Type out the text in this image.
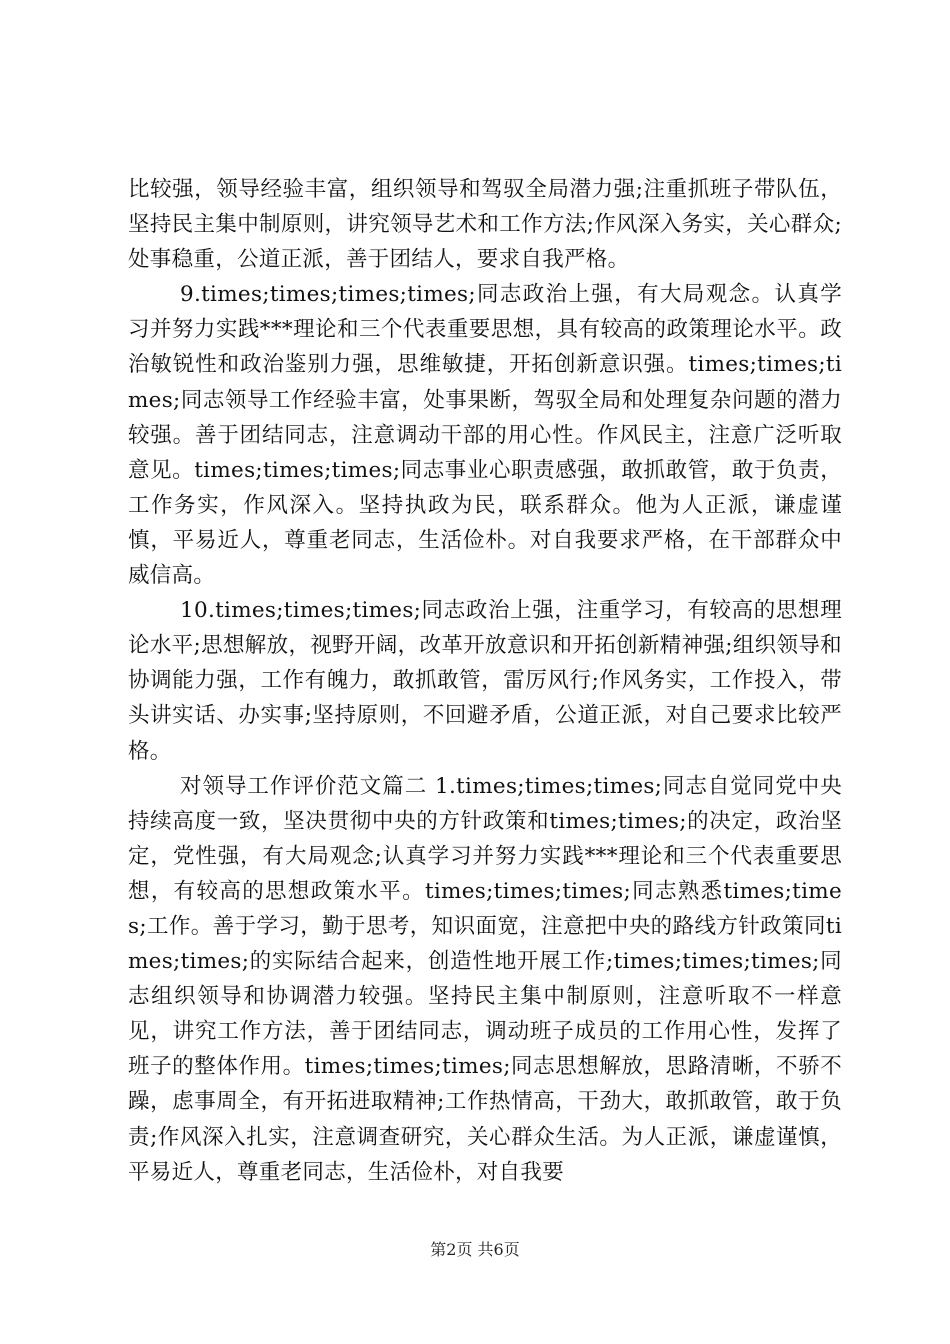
比较强，领导经验丰富，组织领导和驾驭全局潜力强;注重抓班子带队伍，坚持民主集中制原则，讲究领导艺术和工作方法;作风深入务实，关心群众;处事稳重，公道正派，善于团结人，要求自我严格。

9.times;times;times;times;同志政治上强，有大局观念。认真学习并努力实践***理论和三个代表重要思想，具有较高的政策理论水平。政治敏锐性和政治鉴别力强，思维敏捷，开拓创新意识强。times;times;times;同志领导工作经验丰富，处事果断，驾驭全局和处理复杂问题的潜力较强。善于团结同志，注意调动干部的用心性。作风民主，注意广泛听取意见。times;times;times;同志事业心职责感强，敢抓敢管，敢于负责，工作务实，作风深入。坚持执政为民，联系群众。他为人正派，谦虚谨慎，平易近人，尊重老同志，生活俭朴。对自我要求严格，在干部群众中威信高。

10.times;times;times;同志政治上强，注重学习，有较高的思想理论水平;思想解放，视野开阔，改革开放意识和开拓创新精神强;组织领导和协调能力强，工作有魄力，敢抓敢管，雷厉风行;作风务实，工作投入，带头讲实话、办实事;坚持原则，不回避矛盾，公道正派，对自己要求比较严格。

对领导工作评价范文篇二 1.times;times;times;同志自觉同党中央持续高度一致，坚决贯彻中央的方针政策和times;times;的决定，政治坚定，党性强，有大局观念;认真学习并努力实践***理论和三个代表重要思想，有较高的思想政策水平。times;times;times;同志熟悉times;times;工作。善于学习，勤于思考，知识面宽，注意把中央的路线方针政策同times;times;的实际结合起来，创造性地开展工作;times;times;times;同志组织领导和协调潜力较强。坚持民主集中制原则，注意听取不一样意见，讲究工作方法，善于团结同志，调动班子成员的工作用心性，发挥了班子的整体作用。times;times;times;同志思想解放，思路清晰，不骄不躁，虑事周全，有开拓进取精神;工作热情高，干劲大，敢抓敢管，敢于负责;作风深入扎实，注意调查研究，关心群众生活。为人正派，谦虚谨慎，平易近人，尊重老同志，生活俭朴，对自我要

第2页 共6页
